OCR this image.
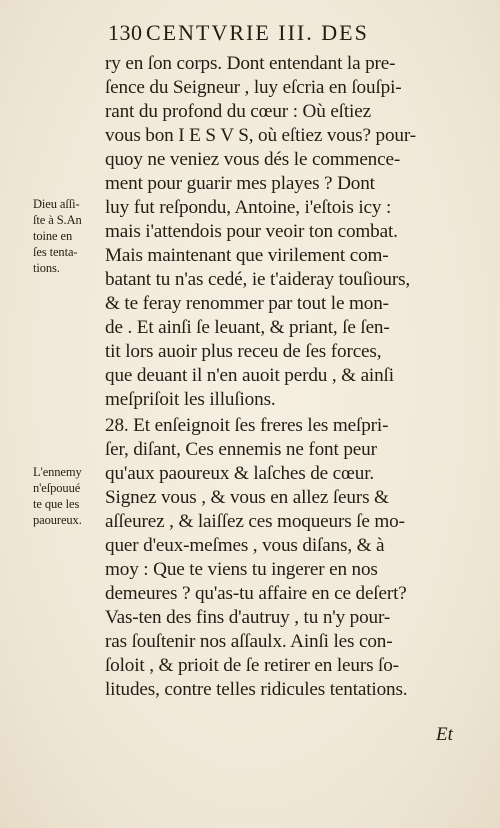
130 CENTVRIE III. DES
ry en ſon corps. Dont entendant la pre-
ſence du Seigneur , luy eſcria en ſouſpi-
rant du profond du cœur : Où eſtiez
vous bon I E S V S, où eſtiez vous? pour-
quoy ne veniez vous dés le commence-
ment pour guarir mes playes ? Dont
luy fut reſpondu, Antoine, i'eſtois icy :
mais i'attendois pour veoir ton combat.
Mais maintenant que virilement com-
batant tu n'as cedé, ie t'aideray touſiours,
& te feray renommer par tout le mon-
de . Et ainſi ſe leuant, & priant, ſe ſen-
tit lors auoir plus receu de ſes forces,
que deuant il n'en auoit perdu , & ainſi
meſpriſoit les illuſions.
28. Et enſeignoit ſes freres les meſpri-
ſer, diſant, Ces ennemis ne font peur
qu'aux paoureux & laſches de cœur.
Signez vous , & vous en allez ſeurs &
aſſeurez , & laiſſez ces moqueurs ſe mo-
quer d'eux-meſmes , vous diſans, & à
moy : Que te viens tu ingerer en nos
demeures ? qu'as-tu affaire en ce deſert?
Vas-ten des fins d'autruy , tu n'y pour-
ras ſouſtenir nos aſſaulx. Ainſi les con-
ſoloit , & prioit de ſe retirer en leurs ſo-
litudes, contre telles ridicules tentations.
Dieu aſſi-
ſte à S.An
toine en
ſes tenta-
tions.
L'ennemy
n'eſpouué
te que les
paoureux.
Et
